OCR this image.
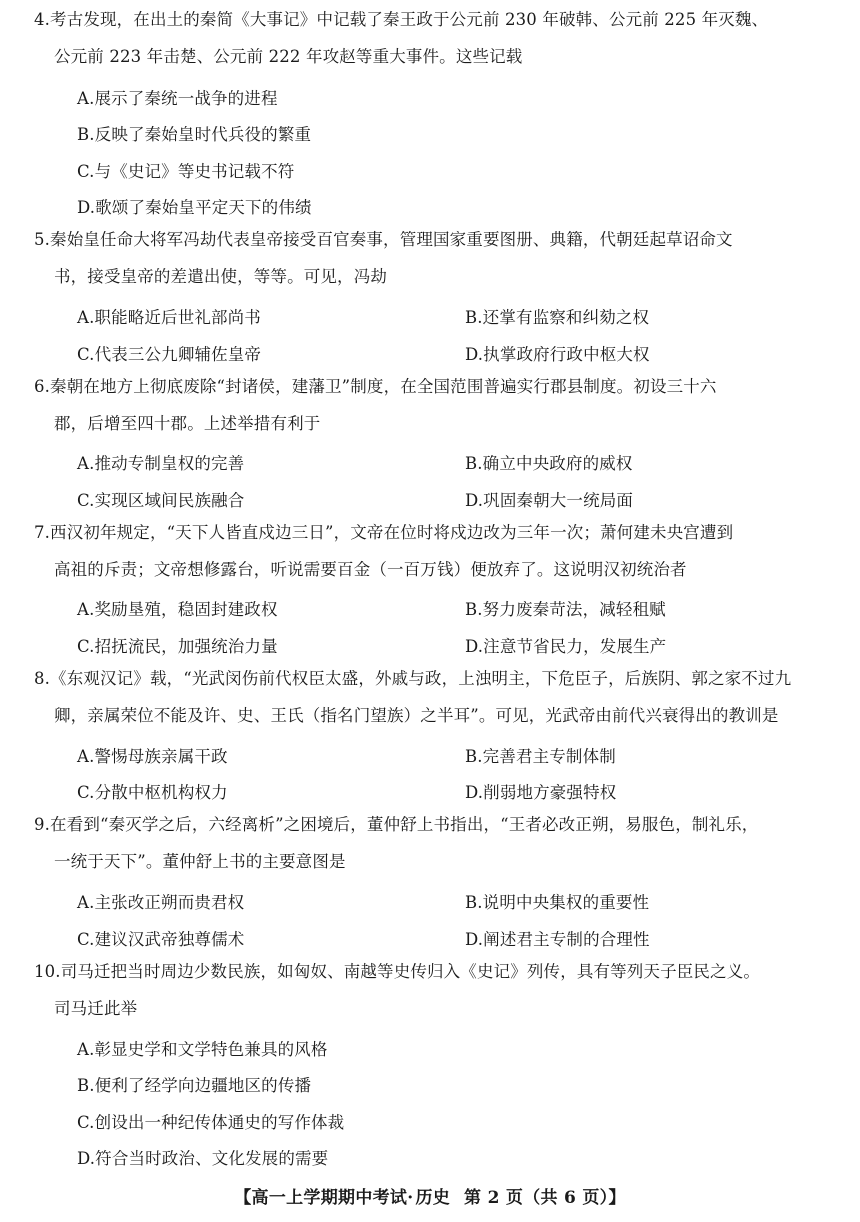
4.考古发现，在出土的秦简《大事记》中记载了秦王政于公元前 230 年破韩、公元前 225 年灭魏、
公元前 223 年击楚、公元前 222 年攻赵等重大事件。这些记载
A.展示了秦统一战争的进程
B.反映了秦始皇时代兵役的繁重
C.与《史记》等史书记载不符
D.歌颂了秦始皇平定天下的伟绩
5.秦始皇任命大将军冯劫代表皇帝接受百官奏事，管理国家重要图册、典籍，代朝廷起草诏命文
书，接受皇帝的差遣出使，等等。可见，冯劫
A.职能略近后世礼部尚书	B.还掌有监察和纠劾之权
C.代表三公九卿辅佐皇帝	D.执掌政府行政中枢大权
6.秦朝在地方上彻底废除“封诸侯，建藩卫”制度，在全国范围普遍实行郡县制度。初设三十六
郡，后增至四十郡。上述举措有利于
A.推动专制皇权的完善	B.确立中央政府的威权
C.实现区域间民族融合	D.巩固秦朝大一统局面
7.西汉初年规定，“天下人皆直戍边三日”，文帝在位时将戍边改为三年一次；萧何建未央宫遭到
高祖的斥责；文帝想修露台，听说需要百金（一百万钱）便放弃了。这说明汉初统治者
A.奖励垦殖，稳固封建政权	B.努力废秦苛法，减轻租赋
C.招抚流民，加强统治力量	D.注意节省民力，发展生产
8.《东观汉记》载，“光武闵伤前代权臣太盛，外戚与政，上浊明主，下危臣子，后族阴、郭之家不过九
卿，亲属荣位不能及许、史、王氏（指名门望族）之半耳”。可见，光武帝由前代兴衰得出的教训是
A.警惕母族亲属干政	B.完善君主专制体制
C.分散中枢机构权力	D.削弱地方豪强特权
9.在看到“秦灭学之后，六经离析”之困境后，董仲舒上书指出，“王者必改正朔，易服色，制礼乐，
一统于天下”。董仲舒上书的主要意图是
A.主张改正朔而贵君权	B.说明中央集权的重要性
C.建议汉武帝独尊儒术	D.阐述君主专制的合理性
10.司马迁把当时周边少数民族，如匈奴、南越等史传归入《史记》列传，具有等列天子臣民之义。
司马迁此举
A.彰显史学和文学特色兼具的风格
B.便利了经学向边疆地区的传播
C.创设出一种纪传体通史的写作体裁
D.符合当时政治、文化发展的需要
【高一上学期期中考试· 历史 第 2 页（共 6 页）】
